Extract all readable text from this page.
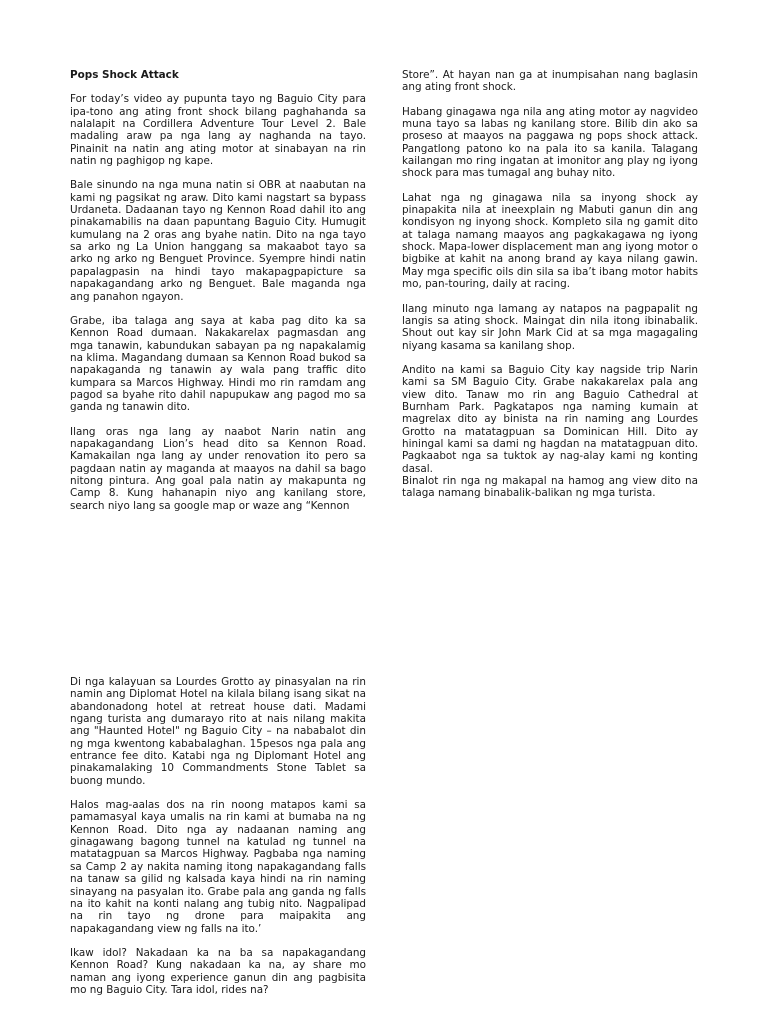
Pops Shock Attack

For today’s video ay pupunta tayo ng Baguio City para ipa-tono ang ating front shock bilang paghahanda sa nalalapit na Cordillera Adventure Tour Level 2. Bale madaling araw pa nga lang ay naghanda na tayo. Pinainit na natin ang ating motor at sinabayan na rin natin ng paghigop ng kape.

Bale sinundo na nga muna natin si OBR at naabutan na kami ng pagsikat ng araw. Dito kami nagstart sa bypass Urdaneta. Dadaanan tayo ng Kennon Road dahil ito ang pinakamabilis na daan papuntang Baguio City. Humugit kumulang na 2 oras ang byahe natin. Dito na nga tayo sa arko ng La Union hanggang sa makaabot tayo sa arko ng arko ng Benguet Province. Syempre hindi natin papalagpasin na hindi tayo makapagpapicture sa napakagandang arko ng Benguet. Bale maganda nga ang panahon ngayon.

Grabe, iba talaga ang saya at kaba pag dito ka sa Kennon Road dumaan. Nakakarelax pagmasdan ang mga tanawin, kabundukan sabayan pa ng napakalamig na klima. Magandang dumaan sa Kennon Road bukod sa napakaganda ng tanawin ay wala pang traffic dito kumpara sa Marcos Highway. Hindi mo rin ramdam ang pagod sa byahe rito dahil napupukaw ang pagod mo sa ganda ng tanawin dito.

Ilang oras nga lang ay naabot Narin natin ang napakagandang Lion’s head dito sa Kennon Road. Kamakailan nga lang ay under renovation ito pero sa pagdaan natin ay maganda at maayos na dahil sa bago nitong pintura. Ang goal pala natin ay makapunta ng Camp 8. Kung hahanapin niyo ang kanilang store, search niyo lang sa google map or waze ang “Kennon

Store”. At hayan nan ga at inumpisahan nang baglasin ang ating front shock.

Habang ginagawa nga nila ang ating motor ay nagvideo muna tayo sa labas ng kanilang store. Bilib din ako sa proseso at maayos na paggawa ng pops shock attack. Pangatlong patono ko na pala ito sa kanila. Talagang kailangan mo ring ingatan at imonitor ang play ng iyong shock para mas tumagal ang buhay nito.

Lahat nga ng ginagawa nila sa inyong shock ay pinapakita nila at ineexplain ng Mabuti ganun din ang kondisyon ng inyong shock. Kompleto sila ng gamit dito at talaga namang maayos ang pagkakagawa ng iyong shock. Mapa-lower displacement man ang iyong motor o bigbike at kahit na anong brand ay kaya nilang gawin. May mga specific oils din sila sa iba’t ibang motor habits mo, pan-touring, daily at racing.

Ilang minuto nga lamang ay natapos na pagpapalit ng langis sa ating shock. Maingat din nila itong ibinabalik. Shout out kay sir John Mark Cid at sa mga magagaling niyang kasama sa kanilang shop.

Andito na kami sa Baguio City kay nagside trip Narin kami sa SM Baguio City. Grabe nakakarelax pala ang view dito. Tanaw mo rin ang Baguio Cathedral at Burnham Park. Pagkatapos nga naming kumain at magrelax dito ay binista na rin naming ang Lourdes Grotto na matatagpuan sa Dominican Hill. Dito ay hiningal kami sa dami ng hagdan na matatagpuan dito. Pagkaabot nga sa tuktok ay nag-alay kami ng konting dasal.

Binalot rin nga ng makapal na hamog ang view dito na talaga namang binabalik-balikan ng mga turista.

Di nga kalayuan sa Lourdes Grotto ay pinasyalan na rin namin ang Diplomat Hotel na kilala bilang isang sikat na abandonadong hotel at retreat house dati. Madami ngang turista ang dumarayo rito at nais nilang makita ang "Haunted Hotel" ng Baguio City – na nababalot din ng mga kwentong kababalaghan. 15pesos nga pala ang entrance fee dito. Katabi nga ng Diplomant Hotel ang pinakamalaking 10 Commandments Stone Tablet sa buong mundo.

Halos mag-aalas dos na rin noong matapos kami sa pamamasyal kaya umalis na rin kami at bumaba na ng Kennon Road. Dito nga ay nadaanan naming ang ginagawang bagong tunnel na katulad ng tunnel na matatagpuan sa Marcos Highway. Pagbaba nga naming sa Camp 2 ay nakita naming itong napakagandang falls na tanaw sa gilid ng kalsada kaya hindi na rin naming sinayang na pasyalan ito. Grabe pala ang ganda ng falls na ito kahit na konti nalang ang tubig nito. Nagpalipad na rin tayo ng drone para maipakita ang napakagandang view ng falls na ito.’

Ikaw idol? Nakadaan ka na ba sa napakagandang Kennon Road? Kung nakadaan ka na, ay share mo naman ang iyong experience ganun din ang pagbisita mo ng Baguio City. Tara idol, rides na?
